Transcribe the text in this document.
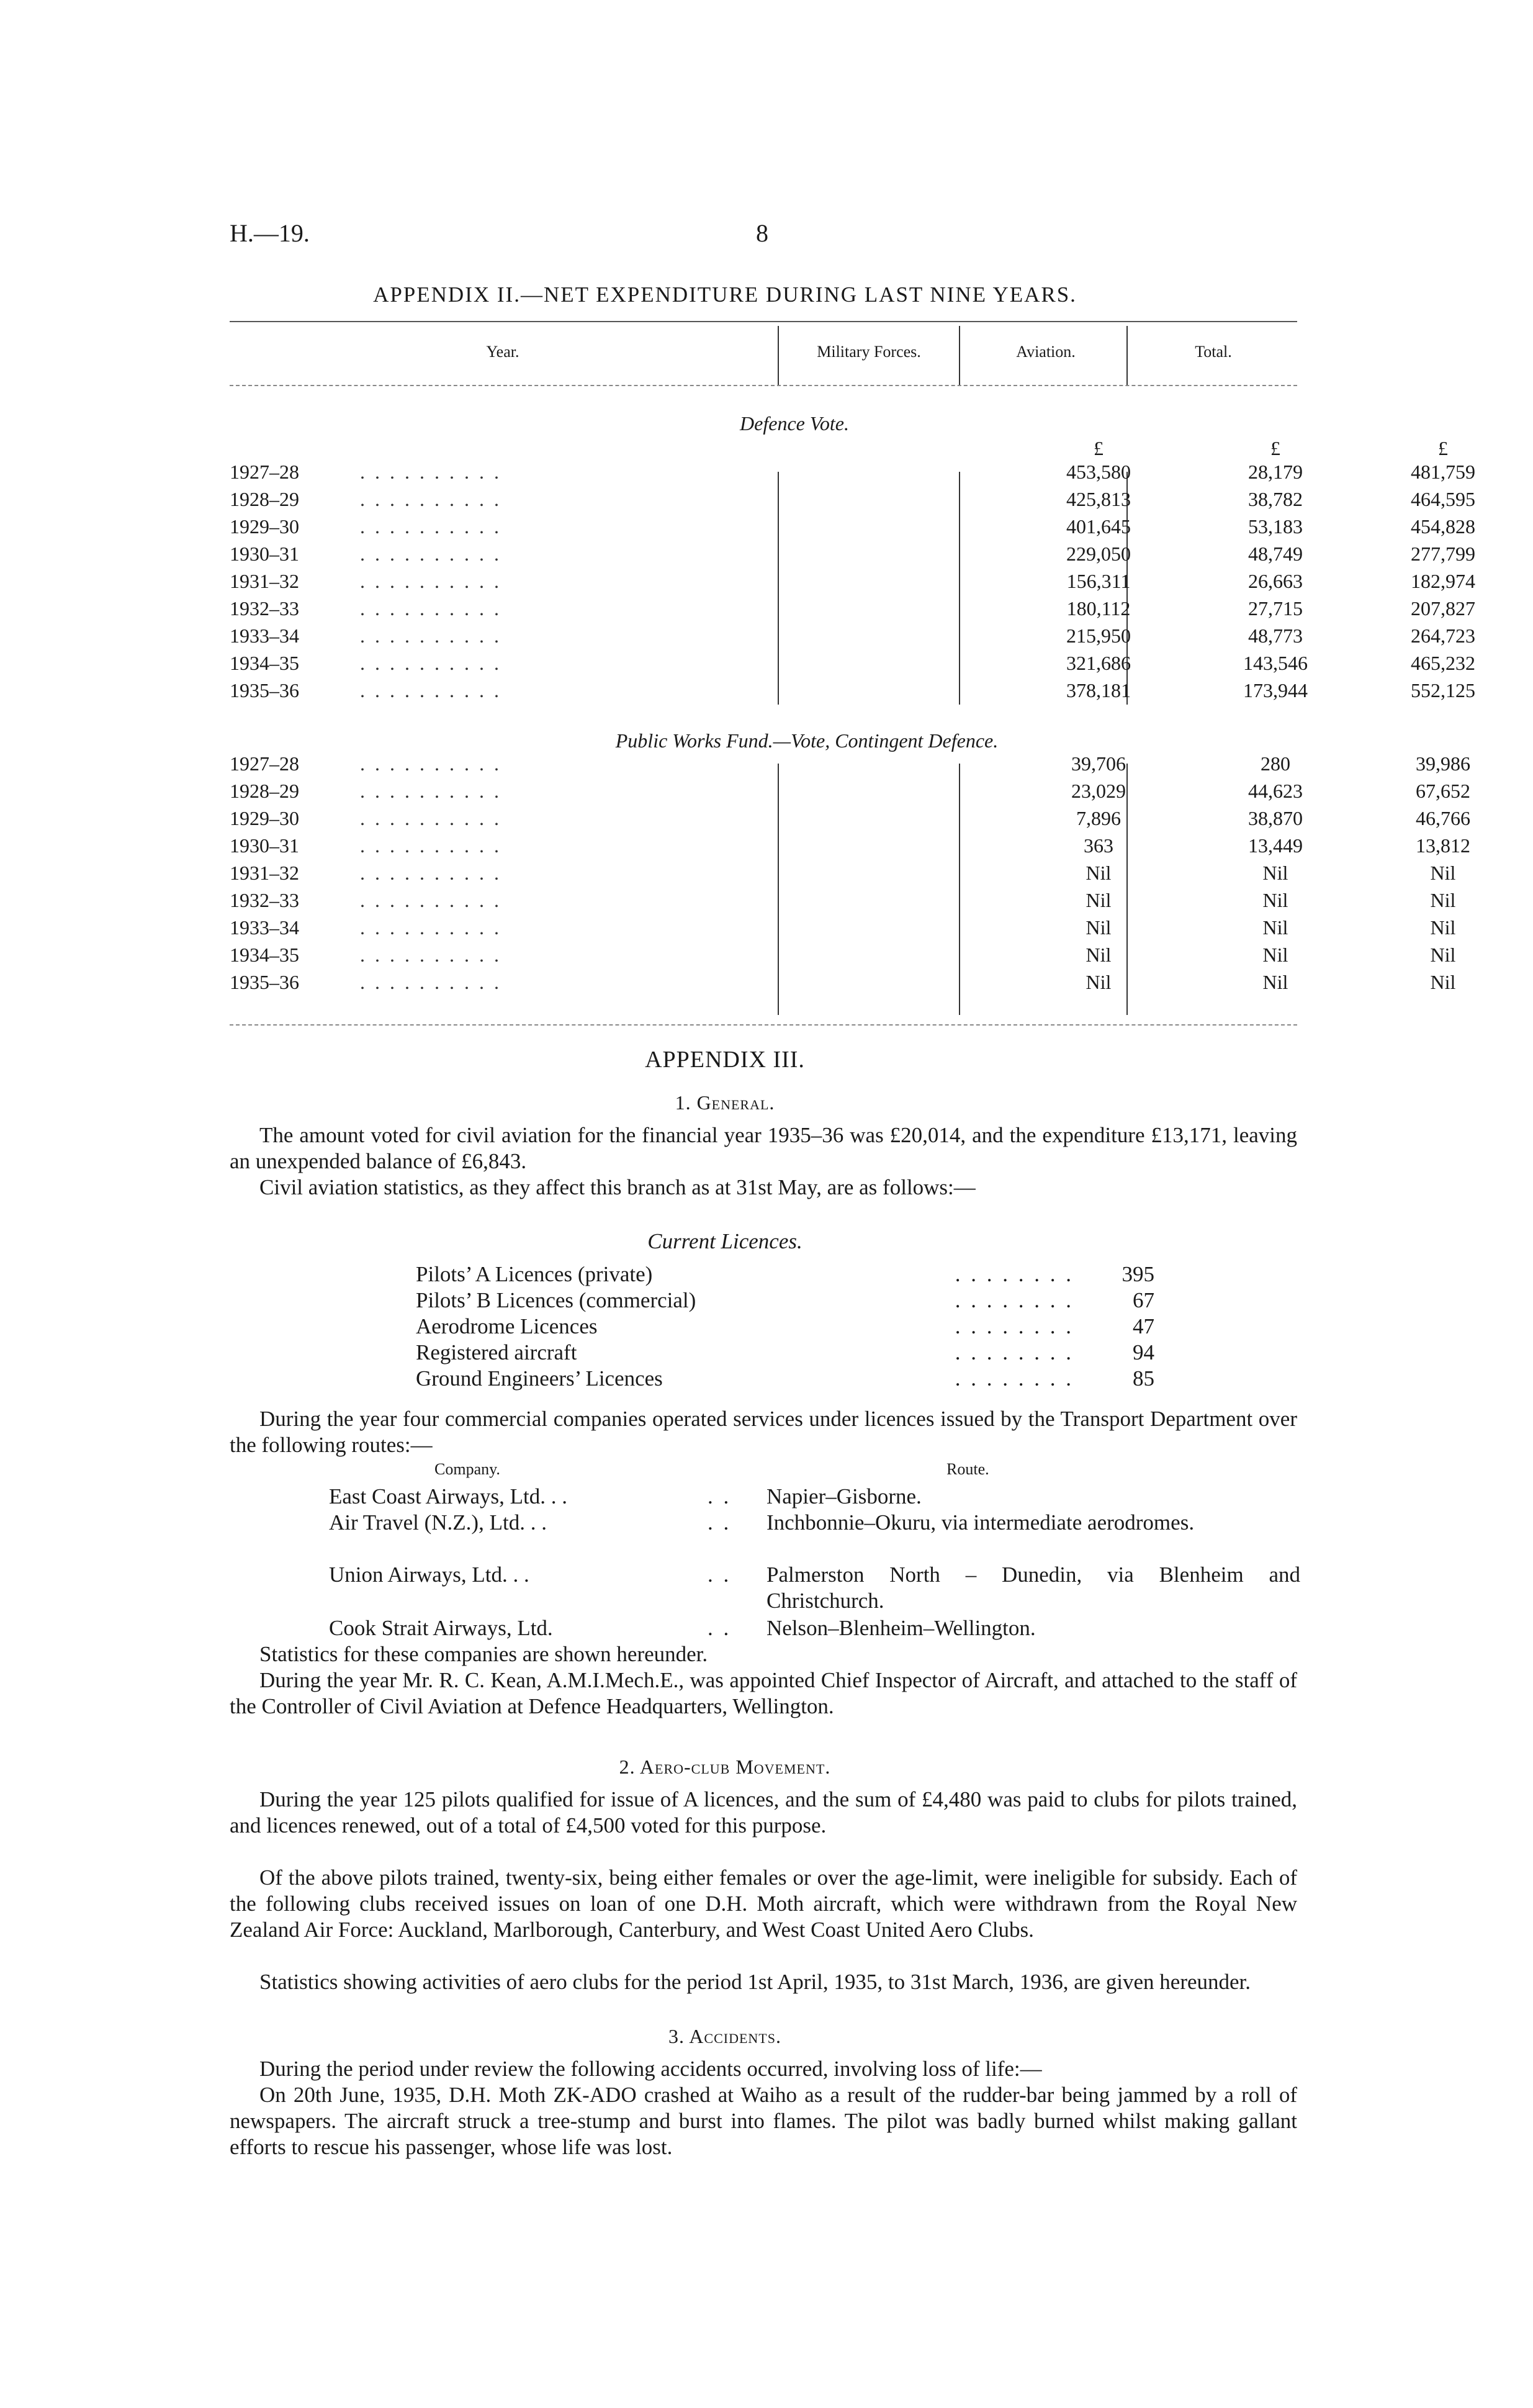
H.—19.	8
APPENDIX II.—NET EXPENDITURE DURING LAST NINE YEARS.
Year.	Military Forces.	Aviation.	Total.
Defence Vote.
£	£	£
1927–28	. . . . . . . . . .	453,580	28,179	481,759
1928–29	. . . . . . . . . .	425,813	38,782	464,595
1929–30	. . . . . . . . . .	401,645	53,183	454,828
1930–31	. . . . . . . . . .	229,050	48,749	277,799
1931–32	. . . . . . . . . .	156,311	26,663	182,974
1932–33	. . . . . . . . . .	180,112	27,715	207,827
1933–34	. . . . . . . . . .	215,950	48,773	264,723
1934–35	. . . . . . . . . .	321,686	143,546	465,232
1935–36	. . . . . . . . . .	378,181	173,944	552,125
Public Works Fund.—Vote, Contingent Defence.
1927–28	. . . . . . . . . .	39,706	280	39,986
1928–29	. . . . . . . . . .	23,029	44,623	67,652
1929–30	. . . . . . . . . .	7,896	38,870	46,766
1930–31	. . . . . . . . . .	363	13,449	13,812
1931–32	. . . . . . . . . .	Nil	Nil	Nil
1932–33	. . . . . . . . . .	Nil	Nil	Nil
1933–34	. . . . . . . . . .	Nil	Nil	Nil
1934–35	. . . . . . . . . .	Nil	Nil	Nil
1935–36	. . . . . . . . . .	Nil	Nil	Nil
APPENDIX III.
1. General.
The amount voted for civil aviation for the financial year 1935–36 was £20,014, and the expenditure £13,171, leaving an unexpended balance of £6,843.
Civil aviation statistics, as they affect this branch as at 31st May, are as follows:—
Current Licences.
Pilots’ A Licences (private)	. . . . . . . .	395
Pilots’ B Licences (commercial)	. . . . . . . .	67
Aerodrome Licences	. . . . . . . .	47
Registered aircraft	. . . . . . . .	94
Ground Engineers’ Licences	. . . . . . . .	85
During the year four commercial companies operated services under licences issued by the Transport Department over the following routes:—
Company.	Route.
East Coast Airways, Ltd. . .	. . Napier–Gisborne.
Air Travel (N.Z.), Ltd. . .	. . Inchbonnie–Okuru, via intermediate aerodromes.
Union Airways, Ltd. . .	. . Palmerston North – Dunedin, via Blenheim and Christchurch.
Cook Strait Airways, Ltd.	. . Nelson–Blenheim–Wellington.
Statistics for these companies are shown hereunder.
During the year Mr. R. C. Kean, A.M.I.Mech.E., was appointed Chief Inspector of Aircraft, and attached to the staff of the Controller of Civil Aviation at Defence Headquarters, Wellington.
2. Aero-club Movement.
During the year 125 pilots qualified for issue of A licences, and the sum of £4,480 was paid to clubs for pilots trained, and licences renewed, out of a total of £4,500 voted for this purpose.
Of the above pilots trained, twenty-six, being either females or over the age-limit, were ineligible for subsidy. Each of the following clubs received issues on loan of one D.H. Moth aircraft, which were withdrawn from the Royal New Zealand Air Force: Auckland, Marlborough, Canterbury, and West Coast United Aero Clubs.
Statistics showing activities of aero clubs for the period 1st April, 1935, to 31st March, 1936, are given hereunder.
3. Accidents.
During the period under review the following accidents occurred, involving loss of life:—
On 20th June, 1935, D.H. Moth ZK-ADO crashed at Waiho as a result of the rudder-bar being jammed by a roll of newspapers. The aircraft struck a tree-stump and burst into flames. The pilot was badly burned whilst making gallant efforts to rescue his passenger, whose life was lost.
